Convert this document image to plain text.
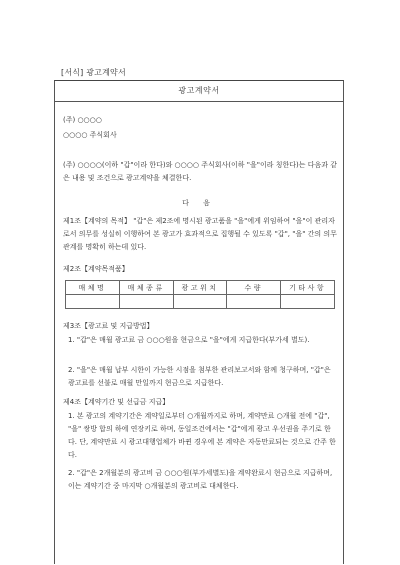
[서식] 광고계약서
광고계약서
(주) ○○○○
○○○○ 주식회사
(주) ○○○○(이하 "갑"이라 한다)와 ○○○○ 주식회사(이하 "을"이라 칭한다)는 다음과 같은 내용 및 조건으로 광고계약을 체결한다.
다 음
제1조【계약의 목적】 "갑"은 제2조에 명시된 광고품을 "을"에게 위임하여 "을"이 관리자로서 의무를 성실히 이행하여 본 광고가 효과적으로 집행될 수 있도록 "갑", "을" 간의 의무관계를 명확히 하는데 있다.
제2조【계약목적품】
매체명	매체종류	광고위치	수량	기타사항

제3조【광고료 및 지급방법】
1. "갑"은 매월 광고료 금 ○○○원을 현금으로 "을"에게 지급한다(부가세 별도).
2. "을"은 매월 납부 시한이 가능한 시점을 첨부한 관리보고서와 함께 청구하며, "갑"은 광고료를 선불로 매월 만일까지 현금으로 지급한다.
제4조【계약기간 및 선급금 지급】
1. 본 광고의 계약기간은 계약일로부터 ○개월까지로 하며, 계약만료 ○개월 전에 "갑", "을" 쌍방 합의 하에 연장키로 하며, 동일조건에서는 "갑"에게 광고 우선권을 주기로 한다. 단, 계약만료 시 광고대행업체가 바뀐 경우에 본 계약은 자동만료되는 것으로 간주 한다.
2. "갑"은 2개월분의 광고비 금 ○○○원(부가세별도)을 계약완료시 현금으로 지급하며, 이는 계약기간 중 마지막 ○개월분의 광고비로 대체한다.
